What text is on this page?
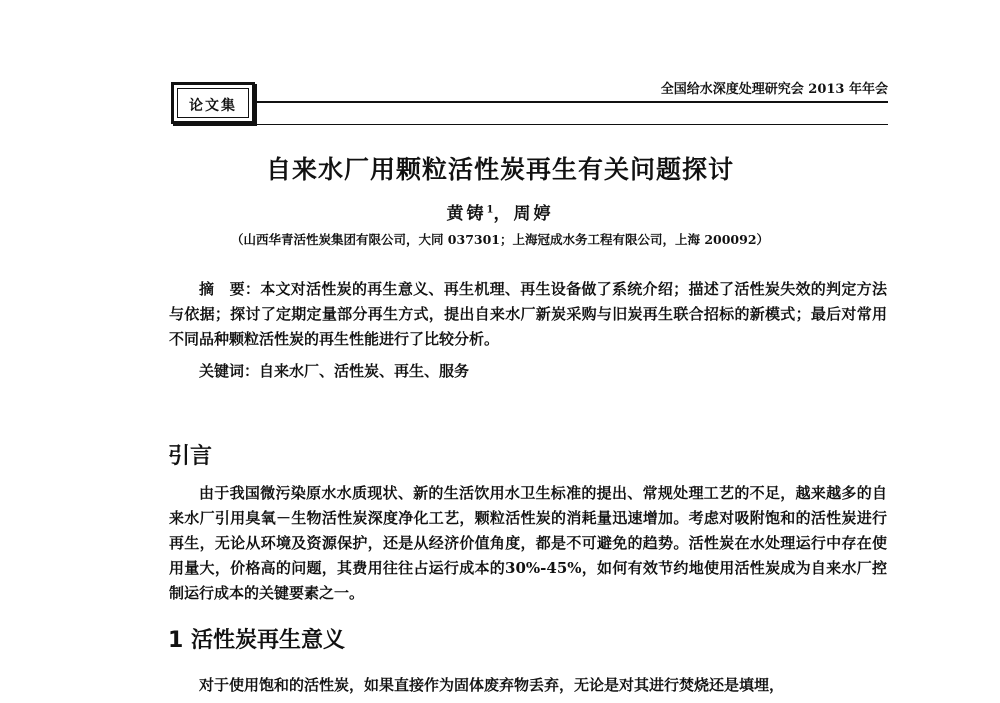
论文集
全国给水深度处理研究会 2013 年年会
自来水厂用颗粒活性炭再生有关问题探讨
黄铸$^1$，周婷
（山西华青活性炭集团有限公司，大同 037301；上海冠成水务工程有限公司，上海 200092）
摘　要：本文对活性炭的再生意义、再生机理、再生设备做了系统介绍；描述了活性炭失效的判定方法与依据；探讨了定期定量部分再生方式，提出自来水厂新炭采购与旧炭再生联合招标的新模式；最后对常用不同品种颗粒活性炭的再生性能进行了比较分析。
关键词：自来水厂、活性炭、再生、服务
引言
由于我国微污染原水水质现状、新的生活饮用水卫生标准的提出、常规处理工艺的不足，越来越多的自来水厂引用臭氧－生物活性炭深度净化工艺，颗粒活性炭的消耗量迅速增加。考虑对吸附饱和的活性炭进行再生，无论从环境及资源保护，还是从经济价值角度，都是不可避免的趋势。活性炭在水处理运行中存在使用量大，价格高的问题，其费用往往占运行成本的30%-45%，如何有效节约地使用活性炭成为自来水厂控制运行成本的关键要素之一。
1 活性炭再生意义
对于使用饱和的活性炭，如果直接作为固体废弃物丢弃，无论是对其进行焚烧还是填埋，
